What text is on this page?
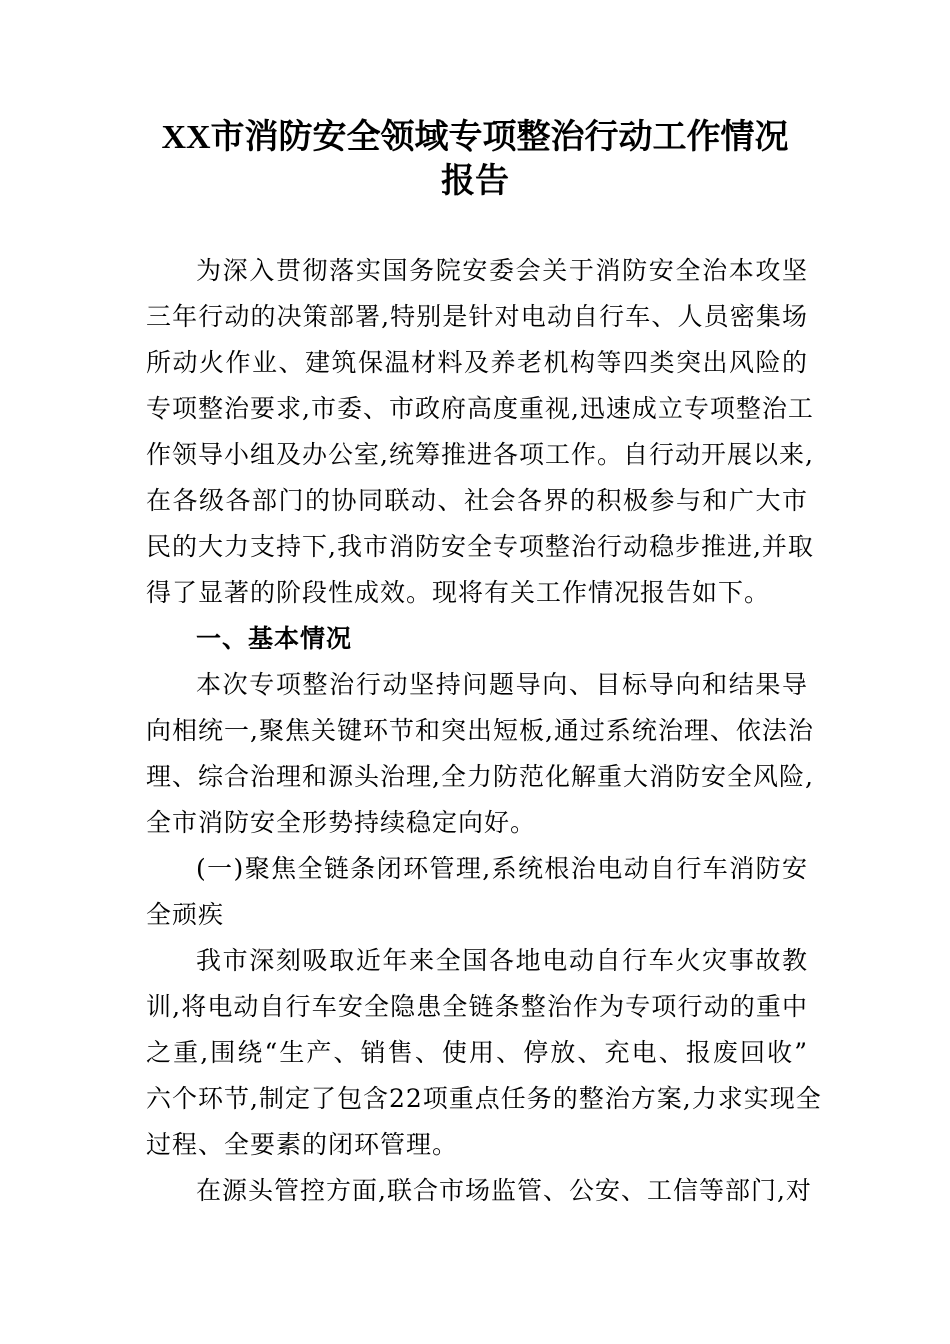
XX市消防安全领域专项整治行动工作情况
报告
为深入贯彻落实国务院安委会关于消防安全治本攻坚
三年行动的决策部署,特别是针对电动自行车、人员密集场
所动火作业、建筑保温材料及养老机构等四类突出风险的
专项整治要求,市委、市政府高度重视,迅速成立专项整治工
作领导小组及办公室,统筹推进各项工作。自行动开展以来,
在各级各部门的协同联动、社会各界的积极参与和广大市
民的大力支持下,我市消防安全专项整治行动稳步推进,并取
得了显著的阶段性成效。现将有关工作情况报告如下。
一、基本情况
本次专项整治行动坚持问题导向、目标导向和结果导
向相统一,聚焦关键环节和突出短板,通过系统治理、依法治
理、综合治理和源头治理,全力防范化解重大消防安全风险,
全市消防安全形势持续稳定向好。
(一)聚焦全链条闭环管理,系统根治电动自行车消防安
全顽疾
我市深刻吸取近年来全国各地电动自行车火灾事故教
训,将电动自行车安全隐患全链条整治作为专项行动的重中
之重,围绕“生产、销售、使用、停放、充电、报废回收”
六个环节,制定了包含22项重点任务的整治方案,力求实现全
过程、全要素的闭环管理。
在源头管控方面,联合市场监管、公安、工信等部门,对
